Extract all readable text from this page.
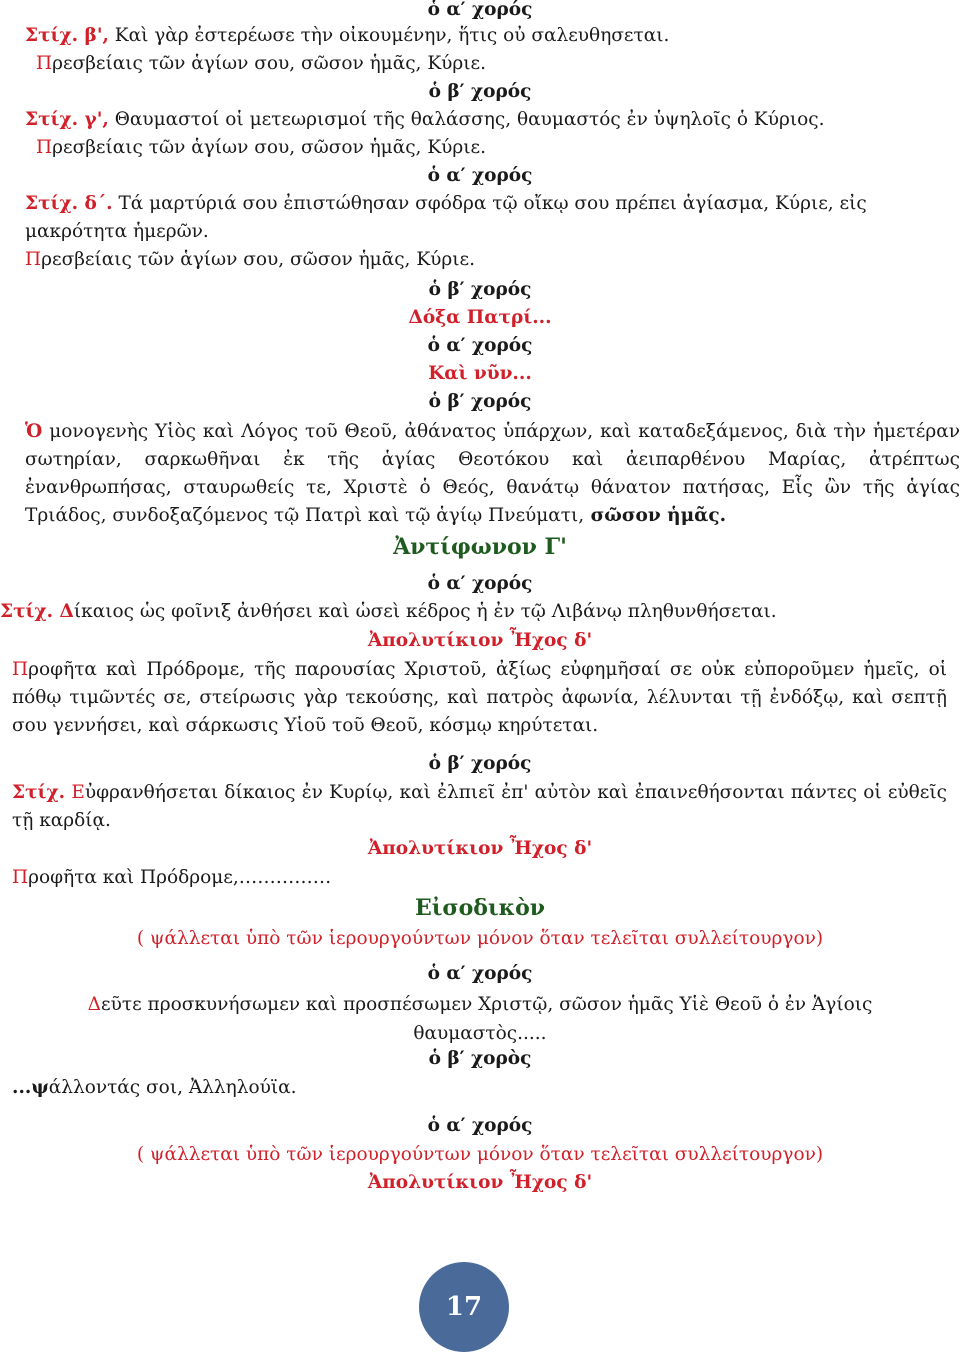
ὁ α′ χορός
Στίχ. β', Καὶ γὰρ ἐστερέωσε τὴν οἰκουμένην, ἥτις οὐ σαλευθησεται.
Πρεσβείαις τῶν ἁγίων σου, σῶσον ἡμᾶς, Κύριε.
ὁ β′ χορός
Στίχ. γ', Θαυμαστοί οἱ μετεωρισμοί τῆς θαλάσσης, θαυμαστός ἐν ὑψηλοῖς ὁ Κύριος.
Πρεσβείαις τῶν ἁγίων σου, σῶσον ἡμᾶς, Κύριε.
ὁ α′ χορός
Στίχ. δ΄. Τά μαρτύριά σου ἐπιστώθησαν σφόδρα τῷ οἴκῳ σου πρέπει ἁγίασμα, Κύριε, εἰς
μακρότητα ἡμερῶν.
Πρεσβείαις τῶν ἁγίων σου, σῶσον ἡμᾶς, Κύριε.
ὁ β′ χορός
Δόξα Πατρί...
ὁ α′ χορός
Καὶ νῦν...
ὁ β′ χορός
Ὁ μονογενὴς Υἱὸς καὶ Λόγος τοῦ Θεοῦ, ἀθάνατος ὑπάρχων, καὶ καταδεξάμενος, διὰ τὴν ἡμετέραν σωτηρίαν, σαρκωθῆναι ἐκ τῆς ἁγίας Θεοτόκου καὶ ἀειπαρθένου Μαρίας, ἀτρέπτως ἐνανθρωπήσας, σταυρωθείς τε, Χριστὲ ὁ Θεός, θανάτῳ θάνατον πατήσας, Εἷς ὢν τῆς ἁγίας Τριάδος, συνδοξαζόμενος τῷ Πατρὶ καὶ τῷ ἁγίῳ Πνεύματι, σῶσον ἡμᾶς.
Ἀντίφωνον Γ'
ὁ α′ χορός
Στίχ. Δίκαιος ὡς φοῖνιξ ἀνθήσει καὶ ὡσεὶ κέδρος ἡ ἐν τῷ Λιβάνῳ πληθυνθήσεται.
Ἀπολυτίκιον Ἦχος δ'
Προφῆτα καὶ Πρόδρομε, τῆς παρουσίας Χριστοῦ, ἀξίως εὐφημῆσαί σε οὐκ εὐποροῦμεν ἡμεῖς, οἱ πόθῳ τιμῶντές σε, στείρωσις γὰρ τεκούσης, καὶ πατρὸς ἀφωνία, λέλυνται τῇ ἐνδόξῳ, καὶ σεπτῇ σου γεννήσει, καὶ σάρκωσις Υἱοῦ τοῦ Θεοῦ, κόσμῳ κηρύτεται.
ὁ β′ χορός
Στίχ. Εὐφρανθήσεται δίκαιος ἐν Κυρίῳ, καὶ ἐλπιεῖ ἐπ' αὐτὸν καὶ ἐπαινεθήσονται πάντες οἱ εὐθεῖς τῇ καρδίᾳ.
Ἀπολυτίκιον Ἦχος δ'
Προφῆτα καὶ Πρόδρομε,……………
Εἰσοδικὸν
( ψάλλεται ὑπὸ τῶν ἱερουργούντων μόνον ὅταν τελεῖται συλλείτουργον)
ὁ α′ χορός
Δεῦτε προσκυνήσωμεν καὶ προσπέσωμεν Χριστῷ, σῶσον ἡμᾶς Υἱὲ Θεοῦ ὁ ἐν Ἁγίοις
θαυμαστὸς.....
ὁ β′ χορὸς
...ψάλλοντάς σοι, Ἀλληλούϊα.
ὁ α′ χορός
( ψάλλεται ὑπὸ τῶν ἱερουργούντων μόνον ὅταν τελεῖται συλλείτουργον)
Ἀπολυτίκιον Ἦχος δ'
17
